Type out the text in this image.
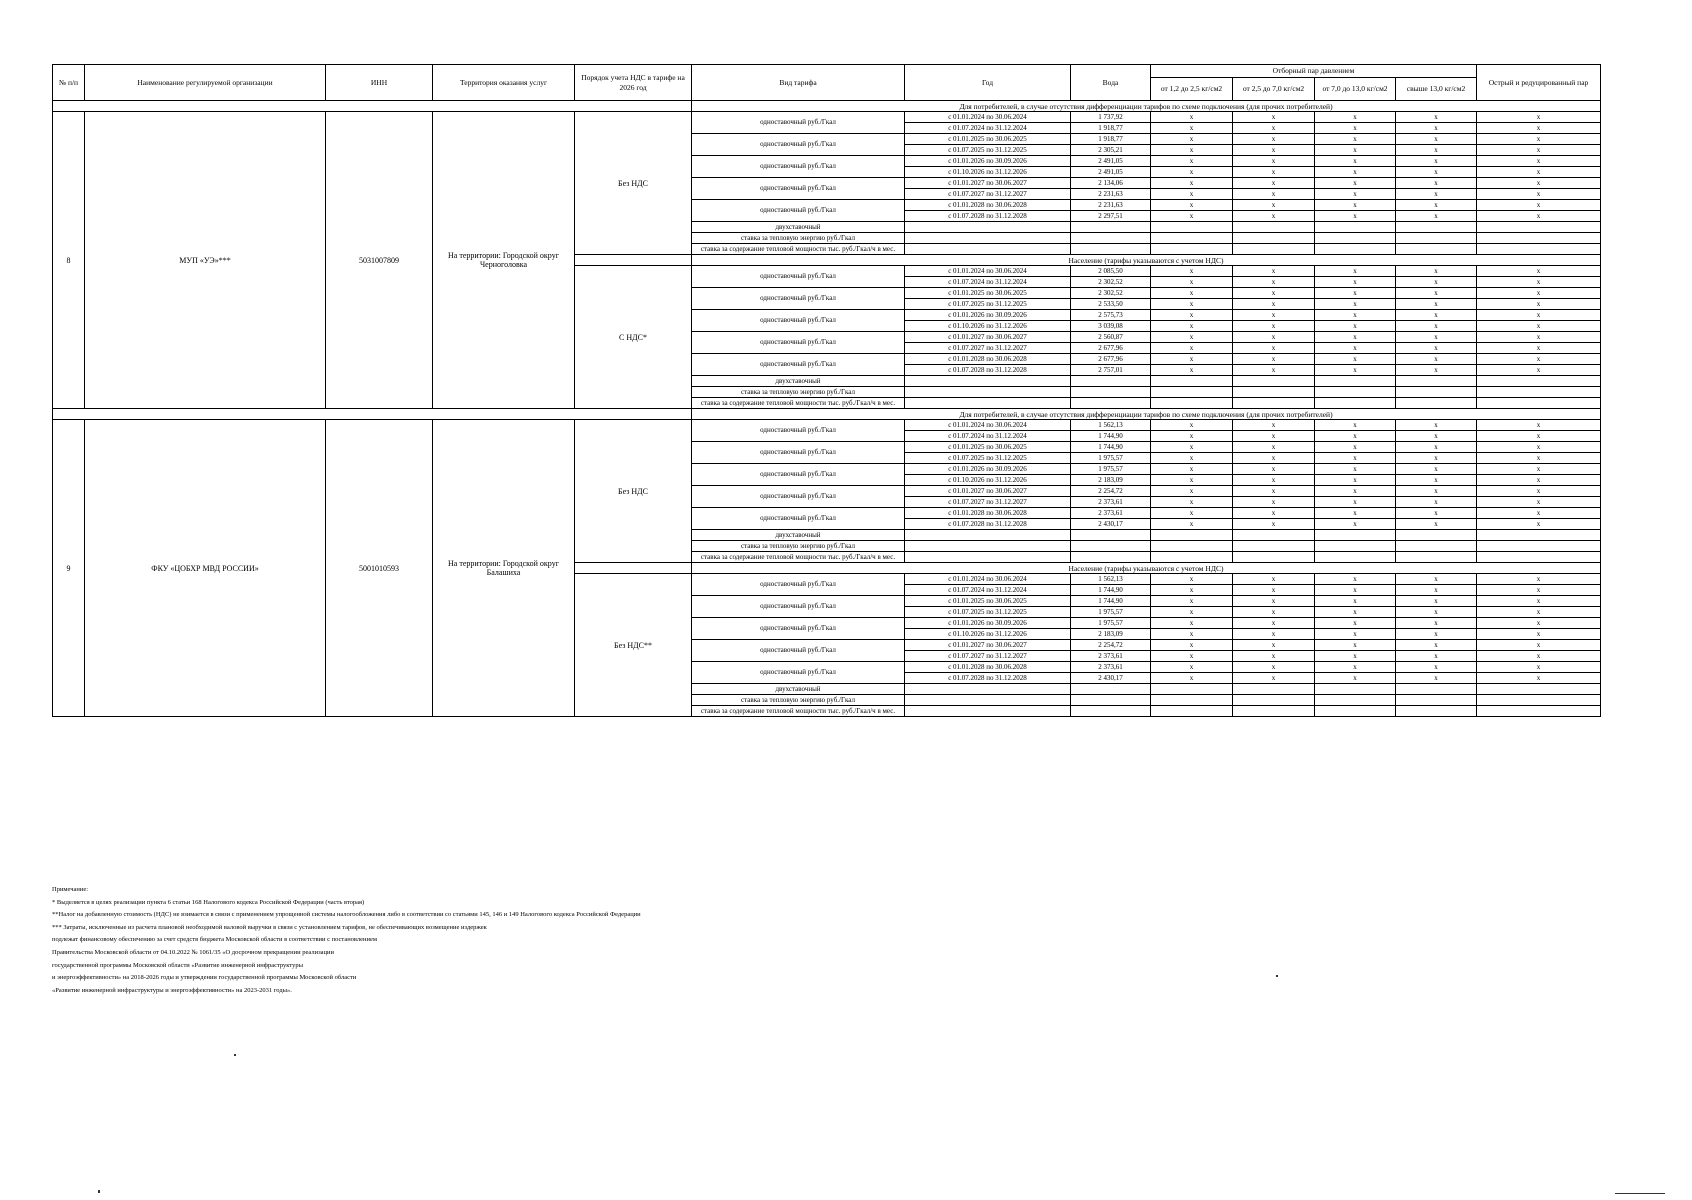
№ п/п	Наименование регулируемой организации	ИНН	Территория оказания услуг	Порядок учета НДС в тарифе на 2026 год	Вид тарифа	Год	Вода	Отборный пар давлением				Острый и редуцированный пар
								от 1,2 до 2,5 кг/см2	от 2,5 до 7,0 кг/см2	от 7,0 до 13,0 кг/см2	свыше 13,0 кг/см2	
					Для потребителей, в случае отсутствия дифференциации тарифов по схеме подключения (для прочих потребителей)							
8	МУП «УЭ»***	5031007809	На территории: Городской округ Черноголовка	Без НДС	одноставочный руб./Гкал	с 01.01.2024 по 30.06.2024	1 737,92	x	x	x	x	x
						с 01.07.2024 по 31.12.2024	1 918,77	x	x	x	x	x
					одноставочный руб./Гкал	с 01.01.2025 по 30.06.2025	1 918,77	x	x	x	x	x
						с 01.07.2025 по 31.12.2025	2 305,21	x	x	x	x	x
					одноставочный руб./Гкал	с 01.01.2026 по 30.09.2026	2 491,05	x	x	x	x	x
						с 01.10.2026 по 31.12.2026	2 491,05	x	x	x	x	x
					одноставочный руб./Гкал	с 01.01.2027 по 30.06.2027	2 134,06	x	x	x	x	x
						с 01.07.2027 по 31.12.2027	2 231,63	x	x	x	x	x
					одноставочный руб./Гкал	с 01.01.2028 по 30.06.2028	2 231,63	x	x	x	x	x
						с 01.07.2028 по 31.12.2028	2 297,51	x	x	x	x	x
					двухставочный							
					ставка за тепловую энергию руб./Гкал							

					ставка за содержание тепловой мощности тыс. руб./Гкал/ч в мес.							

					Население (тарифы указываются с учетом НДС)							
				С НДС*	одноставочный руб./Гкал	с 01.01.2024 по 30.06.2024	2 085,50	x	x	x	x	x
						с 01.07.2024 по 31.12.2024	2 302,52	x	x	x	x	x
					одноставочный руб./Гкал	с 01.01.2025 по 30.06.2025	2 302,52	x	x	x	x	x
						с 01.07.2025 по 31.12.2025	2 533,50	x	x	x	x	x
					одноставочный руб./Гкал	с 01.01.2026 по 30.09.2026	2 575,73	x	x	x	x	x
						с 01.10.2026 по 31.12.2026	3 039,08	x	x	x	x	x
					одноставочный руб./Гкал	с 01.01.2027 по 30.06.2027	2 560,87	x	x	x	x	x
						с 01.07.2027 по 31.12.2027	2 677,96	x	x	x	x	x
					одноставочный руб./Гкал	с 01.01.2028 по 30.06.2028	2 677,96	x	x	x	x	x
						с 01.07.2028 по 31.12.2028	2 757,01	x	x	x	x	x
					двухставочный							
					ставка за тепловую энергию руб./Гкал							

					ставка за содержание тепловой мощности тыс. руб./Гкал/ч в мес.							

					Для потребителей, в случае отсутствия дифференциации тарифов по схеме подключения (для прочих потребителей)							
9	ФКУ «ЦОБХР МВД РОССИИ»	5001010593	На территории: Городской округ Балашиха	Без НДС	одноставочный руб./Гкал	с 01.01.2024 по 30.06.2024	1 562,13	x	x	x	x	x
						с 01.07.2024 по 31.12.2024	1 744,90	x	x	x	x	x
					одноставочный руб./Гкал	с 01.01.2025 по 30.06.2025	1 744,90	x	x	x	x	x
						с 01.07.2025 по 31.12.2025	1 975,57	x	x	x	x	x
					одноставочный руб./Гкал	с 01.01.2026 по 30.09.2026	1 975,57	x	x	x	x	x
						с 01.10.2026 по 31.12.2026	2 183,09	x	x	x	x	x
					одноставочный руб./Гкал	с 01.01.2027 по 30.06.2027	2 254,72	x	x	x	x	x
						с 01.07.2027 по 31.12.2027	2 373,61	x	x	x	x	x
					одноставочный руб./Гкал	с 01.01.2028 по 30.06.2028	2 373,61	x	x	x	x	x
						с 01.07.2028 по 31.12.2028	2 430,17	x	x	x	x	x
					двухставочный							
					ставка за тепловую энергию руб./Гкал							

					ставка за содержание тепловой мощности тыс. руб./Гкал/ч в мес.							

					Население (тарифы указываются с учетом НДС)							
				Без НДС**	одноставочный руб./Гкал	с 01.01.2024 по 30.06.2024	1 562,13	x	x	x	x	x
						с 01.07.2024 по 31.12.2024	1 744,90	x	x	x	x	x
					одноставочный руб./Гкал	с 01.01.2025 по 30.06.2025	1 744,90	x	x	x	x	x
						с 01.07.2025 по 31.12.2025	1 975,57	x	x	x	x	x
					одноставочный руб./Гкал	с 01.01.2026 по 30.09.2026	1 975,57	x	x	x	x	x
						с 01.10.2026 по 31.12.2026	2 183,09	x	x	x	x	x
					одноставочный руб./Гкал	с 01.01.2027 по 30.06.2027	2 254,72	x	x	x	x	x
						с 01.07.2027 по 31.12.2027	2 373,61	x	x	x	x	x
					одноставочный руб./Гкал	с 01.01.2028 по 30.06.2028	2 373,61	x	x	x	x	x
						с 01.07.2028 по 31.12.2028	2 430,17	x	x	x	x	x
					двухставочный							
					ставка за тепловую энергию руб./Гкал							

					ставка за содержание тепловой мощности тыс. руб./Гкал/ч в мес.							

Примечание:
* Выделяется в целях реализации пункта 6 статьи 168 Налогового кодекса Российской Федерации (часть вторая)
**Налог на добавленную стоимость (НДС) не взимается в связи с применением упрощенной системы налогообложения либо в соответствии со статьями 145, 146 и 149 Налогового кодекса Российской Федерации
*** Затраты, исключенные из расчета плановой необходимой валовой выручки в связи с установлением тарифов, не обеспечивающих возмещение издержек
подлежат финансовому обеспечению за счет средств бюджета Московской области в соответствии с постановлением
Правительства Московской области от 04.10.2022 № 1061/35 «О досрочном прекращении реализации
государственной программы Московской области «Развитие инженерной инфраструктуры
и энергоэффективности» на 2018-2026 годы и утверждении государственной программы Московской области
«Развитие инженерной инфраструктуры и энергоэффективности» на 2023-2031 годы».
